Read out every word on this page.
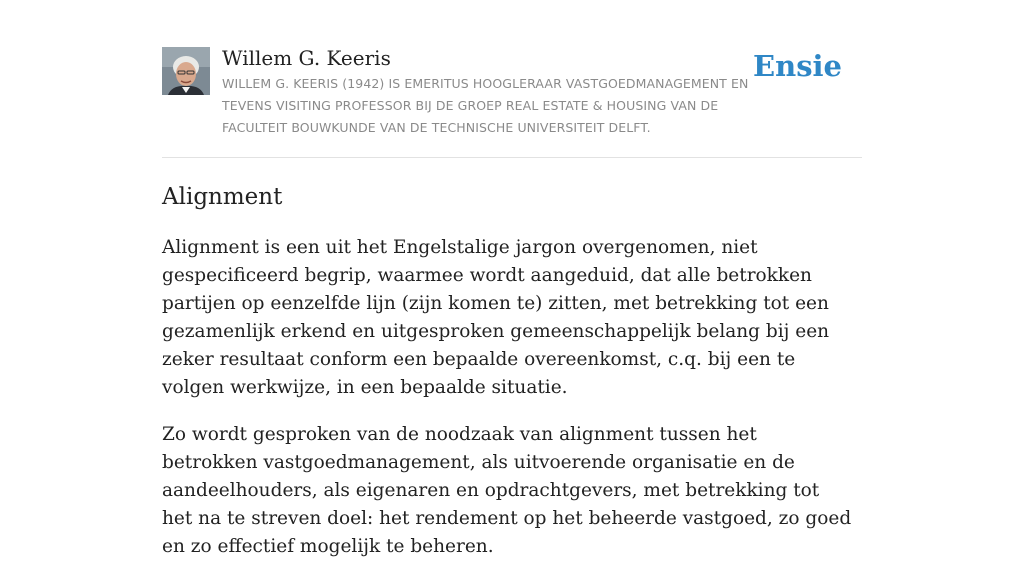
Willem G. Keeris
WILLEM G. KEERIS (1942) IS EMERITUS HOOGLERAAR VASTGOEDMANAGEMENT EN TEVENS VISITING PROFESSOR BIJ DE GROEP REAL ESTATE & HOUSING VAN DE FACULTEIT BOUWKUNDE VAN DE TECHNISCHE UNIVERSITEIT DELFT.
Ensie
Alignment

Alignment is een uit het Engelstalige jargon overgenomen, niet gespecificeerd begrip, waarmee wordt aangeduid, dat alle betrokken partijen op eenzelfde lijn (zijn komen te) zitten, met betrekking tot een gezamenlijk erkend en uitgesproken gemeenschappelijk belang bij een zeker resultaat conform een bepaalde overeenkomst, c.q. bij een te volgen werkwijze, in een bepaalde situatie.

Zo wordt gesproken van de noodzaak van alignment tussen het betrokken vastgoedmanagement, als uitvoerende organisatie en de aandeelhouders, als eigenaren en opdrachtgevers, met betrekking tot het na te streven doel: het rendement op het beheerde vastgoed, zo goed en zo effectief mogelijk te beheren.
